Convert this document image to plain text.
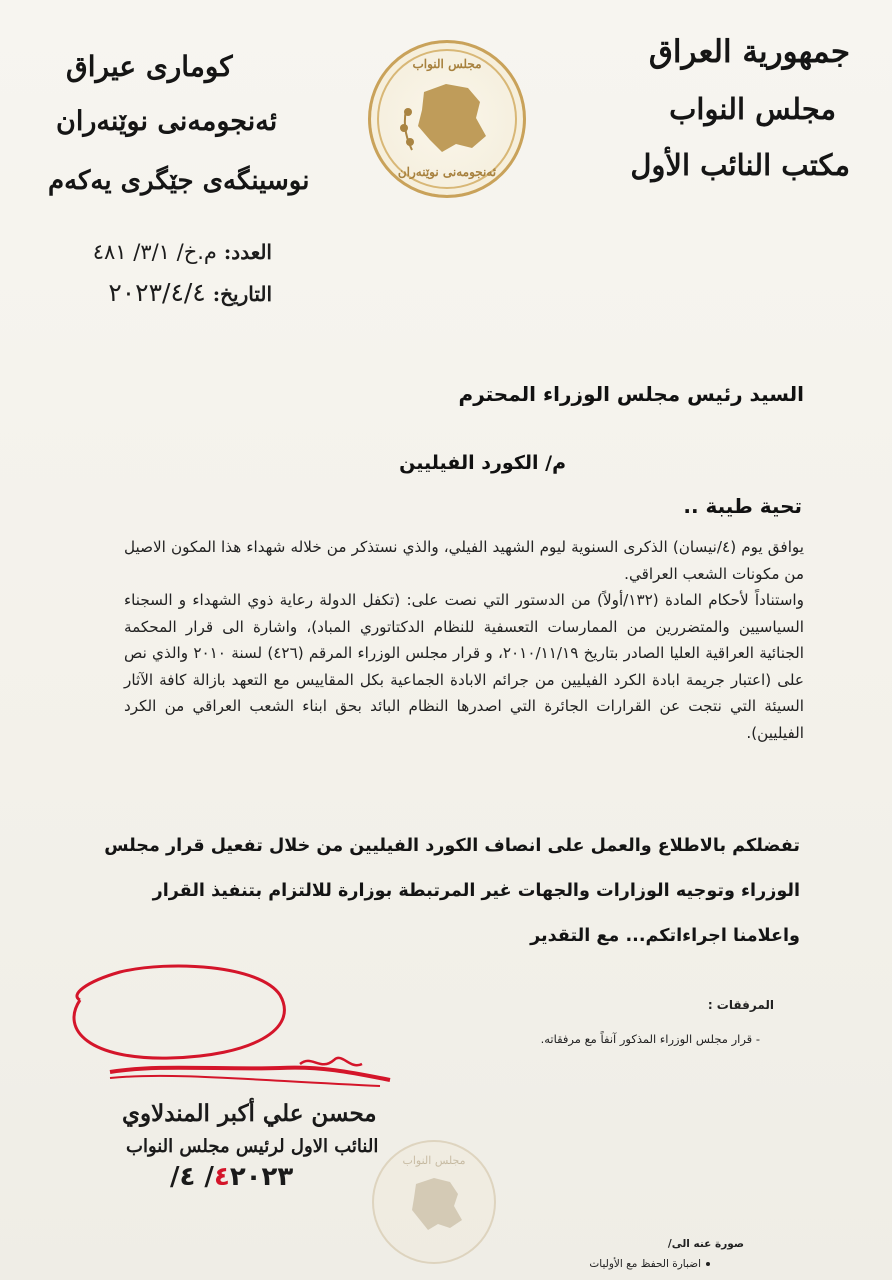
جمهورية العراق
مجلس النواب
مكتب النائب الأول
كوماری عیراق
ئەنجومەنی نوێنەران
نوسینگەی جێگری یەکەم
مجلس النواب
ئەنجومەنی نوێنەران
العدد: م.خ/ ٣/١/ ٤٨١
التاريخ: ٢٠٢٣/٤/٤
السيد رئيس مجلس الوزراء المحترم
م/ الكورد الفيليين
تحية طيبة ..
يوافق يوم (٤/نيسان) الذكرى السنوية ليوم الشهيد الفيلي، والذي نستذكر من خلاله شهداء هذا المكون الاصيل من مكونات الشعب العراقي.
واستناداً لأحكام المادة (١٣٢/أولاً) من الدستور التي نصت على: (تكفل الدولة رعاية ذوي الشهداء و السجناء السياسيين والمتضررين من الممارسات التعسفية للنظام الدكتاتوري المباد)، واشارة الى قرار المحكمة الجنائية العراقية العليا الصادر بتاريخ ٢٠١٠/١١/١٩، و قرار مجلس الوزراء المرقم (٤٢٦) لسنة ٢٠١٠ والذي نص على (اعتبار جريمة ابادة الكرد الفيليين من جرائم الابادة الجماعية بكل المقاييس مع التعهد بازالة كافة الآثار السيئة التي نتجت عن القرارات الجائرة التي اصدرها النظام البائد بحق ابناء الشعب العراقي من الكرد الفيليين).
تفضلكم بالاطلاع والعمل على انصاف الكورد الفيليين من خلال تفعيل قرار مجلس
الوزراء وتوجيه الوزارات والجهات غير المرتبطة بوزارة للالتزام بتنفيذ القرار
واعلامنا اجراءاتكم... مع التقدير
المرفقات :
- قرار مجلس الوزراء المذكور آنفاً مع مرفقاته.
محسن علي أكبر المندلاوي
النائب الاول لرئيس مجلس النواب
٤٢٠٢٣/ ٤/
مجلس النواب
صورة عنه الى/
اضبارة الحفظ مع الأوليات
